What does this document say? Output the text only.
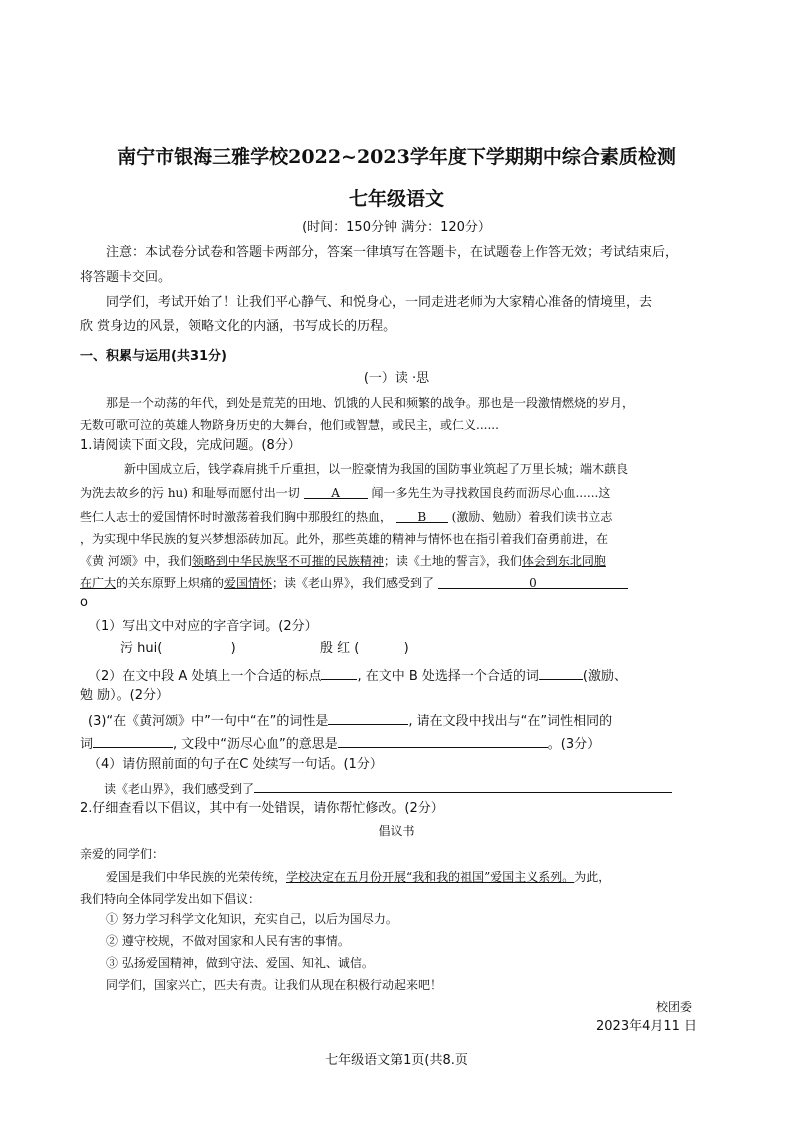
南宁市银海三雅学校2022~2023学年度下学期期中综合素质检测
七年级语文
(时间：150分钟 满分：120分）
注意：本试卷分试卷和答题卡两部分，答案一律填写在答题卡，在试题卷上作答无效；考试结束后，
将答题卡交回。
同学们，考试开始了！让我们平心静气、和悦身心，一同走进老师为大家精心准备的情境里，去
欣 赏身边的风景，领略文化的内涵，书写成长的历程。
一、积累与运用(共31分)
(一）读 ·思
那是一个动荡的年代，到处是荒芜的田地、饥饿的人民和频繁的战争。那也是一段激情燃烧的岁月，
无数可歌可泣的英雄人物跻身历史的大舞台，他们或智慧，或民主，或仁义......
1.请阅读下面文段，完成问题。(8分）
新中国成立后，钱学森肩挑千斤重担，以一腔豪情为我国的国防事业筑起了万里长城；端木蕻良
为洗去故乡的污 hu) 和耻辱而愿付出一切	A	闻一多先生为寻找救国良药而沥尽心血......这
些仁人志士的爱国情怀时时激荡着我们胸中那殷红的热血， B (激励、勉励）着我们读书立志
，为实现中华民族的复兴梦想添砖加瓦。此外，那些英雄的精神与情怀也在指引着我们奋勇前进，在
《黄 河颂》中，我们领略到中华民族坚不可摧的民族精神；读《土地的誓言》，我们体会到东北同胞
在广大的关东原野上炽痛的爱国情怀；读《老山界》，我们感受到了	0
o
（1）写出文中对应的字音字词。(2分）
污 hui(	)	殷 红 (	)
（2）在文中段 A 处填上一个合适的标点	, 在文中 B 处选择一个合适的词	(激励、
勉 励）。(2分）
(3)“在《黄河颂》中”一句中“在”的词性是	, 请在文段中找出与“在”词性相同的
词	, 文段中“沥尽心血”的意思是	。(3分）
（4）请仿照前面的句子在C 处续写一句话。(1分）
读《老山界》，我们感受到了
2.仔细查看以下倡议，其中有一处错误，请你帮忙修改。(2分）
倡议书
亲爱的同学们：
爱国是我们中华民族的光荣传统，学校决定在五月份开展“我和我的祖国”爱国主义系列。为此，
我们特向全体同学发出如下倡议：
① 努力学习科学文化知识，充实自己，以后为国尽力。
② 遵守校规，不做对国家和人民有害的事情。
③ 弘扬爱国精神，做到守法、爱国、知礼、诚信。
同学们，国家兴亡，匹夫有责。让我们从现在积极行动起来吧！
校团委
2023年4月11 日
七年级语文第1页(共8.页
